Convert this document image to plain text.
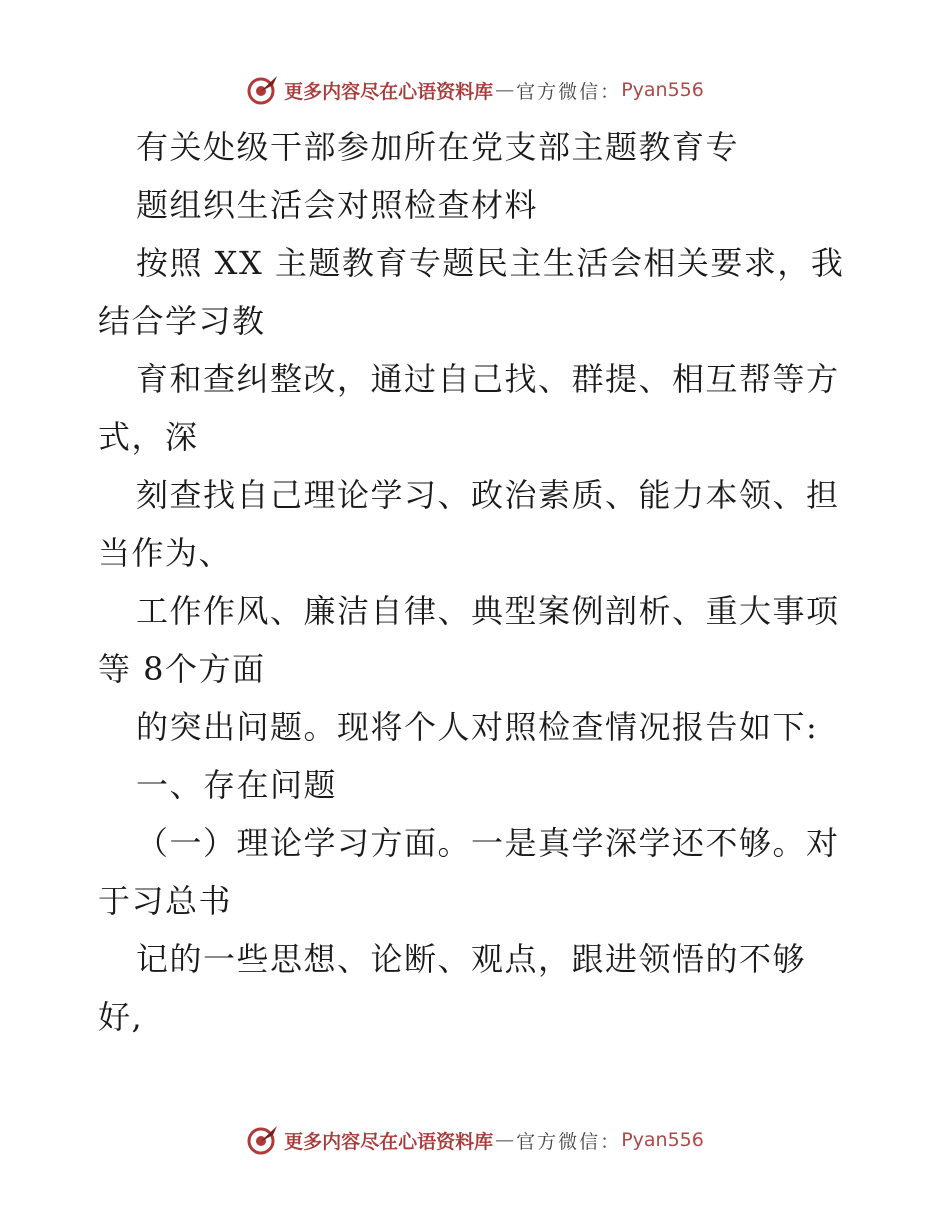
更多内容尽在心语资料库 — 官方微信： Pyan556
有关处级干部参加所在党支部主题教育专
题组织生活会对照检查材料
按照 XX 主题教育专题民主生活会相关要求，我
结合学习教
育和查纠整改，通过自己找、群提、相互帮等方
式，深
刻查找自己理论学习、政治素质、能力本领、担
当作为、
工作作风、廉洁自律、典型案例剖析、重大事项
等 8个方面
的突出问题。现将个人对照检查情况报告如下:
一、存在问题
（一）理论学习方面。一是真学深学还不够。对
于习总书
记的一些思想、论断、观点，跟进领悟的不够
好,
更多内容尽在心语资料库 — 官方微信： Pyan556
